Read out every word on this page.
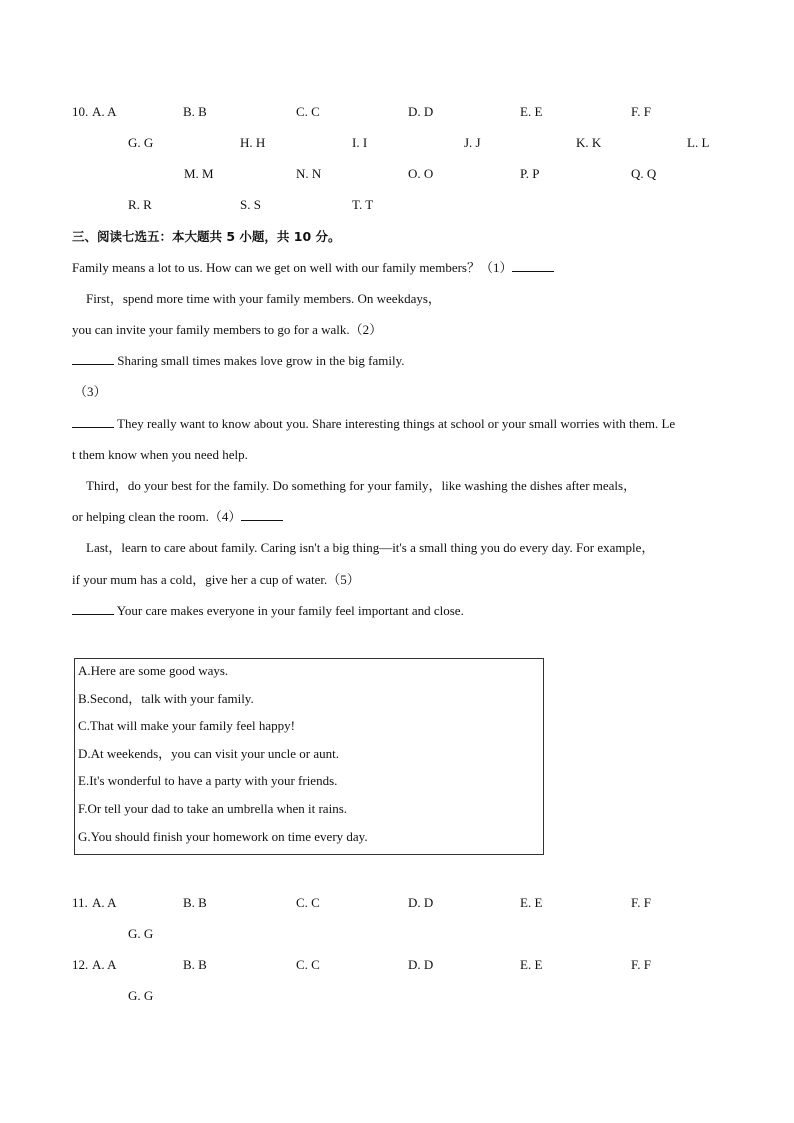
10. A. A	B. B	C. C	D. D	E. E	F. F
G. G	H. H	I. I	J. J	K. K	L. L
M. M	N. N	O. O	P. P	Q. Q
R. R	S. S	T. T
三、阅读七选五：本大题共 5 小题，共 10 分。
Family means a lot to us. How can we get on well with our family members？（1）
First，spend more time with your family members. On weekdays，
you can invite your family members to go for a walk.（2）
Sharing small times makes love grow in the big family.
（3）
They really want to know about you. Share interesting things at school or your small worries with them. Le
t them know when you need help.
Third，do your best for the family. Do something for your family，like washing the dishes after meals，
or helping clean the room.（4）
Last，learn to care about family. Caring isn't a big thing—it's a small thing you do every day. For example，
if your mum has a cold，give her a cup of water.（5）
Your care makes everyone in your family feel important and close.
A.Here are some good ways.
B.Second，talk with your family.
C.That will make your family feel happy!
D.At weekends，you can visit your uncle or aunt.
E.It's wonderful to have a party with your friends.
F.Or tell your dad to take an umbrella when it rains.
G.You should finish your homework on time every day.
11. A. A	B. B	C. C	D. D	E. E	F. F
G. G
12. A. A	B. B	C. C	D. D	E. E	F. F
G. G
